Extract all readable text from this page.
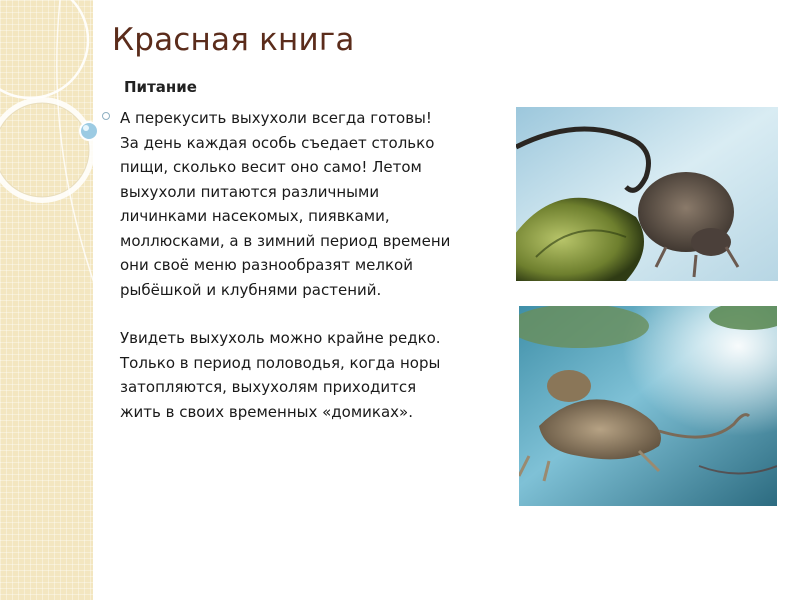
Красная книга
Питание

А перекусить выхухоли всегда готовы!
За день каждая особь съедает столько
пищи, сколько весит оно само! Летом
выхухоли питаются различными
личинками насекомых, пиявками,
моллюсками, а в зимний период времени
они своё меню разнообразят мелкой
рыбёшкой и клубнями растений.

Увидеть выхухоль можно крайне редко.
Только в период половодья, когда норы
затопляются, выхухолям приходится
жить в своих временных «домиках».
